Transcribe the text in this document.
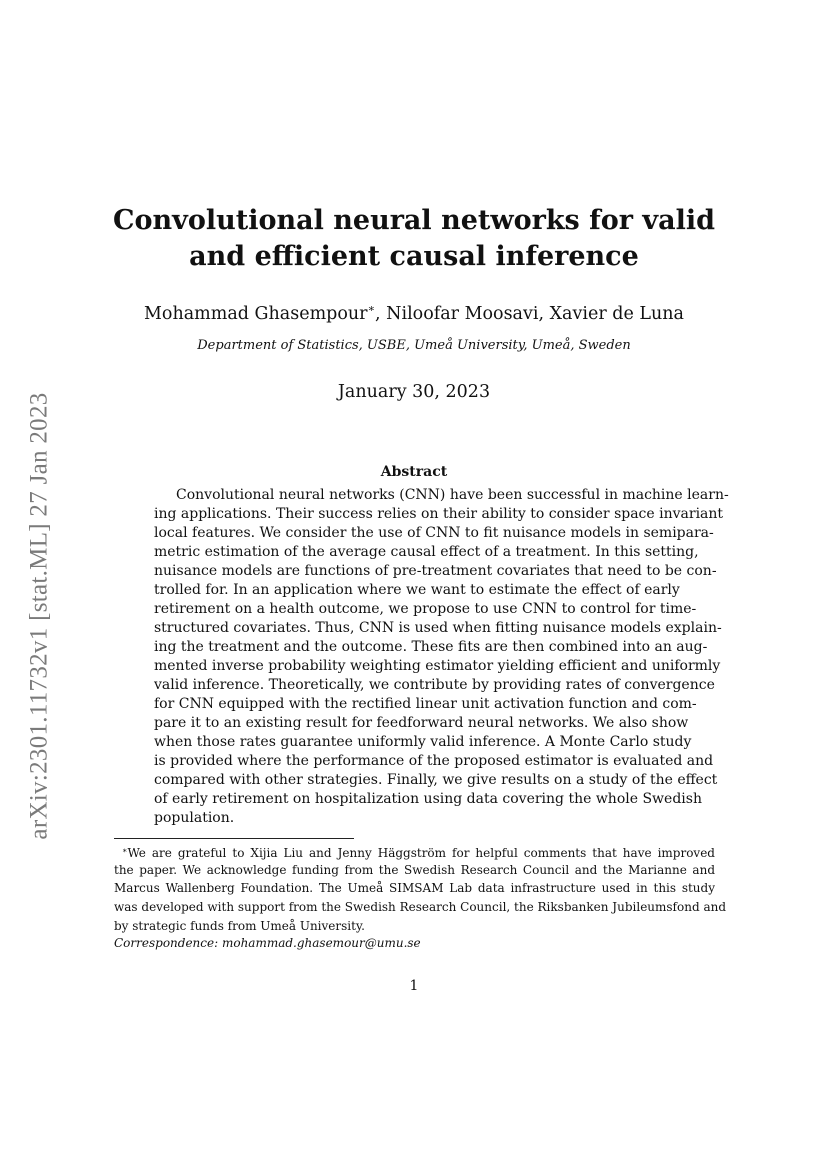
arXiv:2301.11732v1 [stat.ML] 27 Jan 2023
Convolutional neural networks for valid
and efficient causal inference
Mohammad Ghasempour∗, Niloofar Moosavi, Xavier de Luna
Department of Statistics, USBE, Umeå University, Umeå, Sweden
January 30, 2023
Abstract
Convolutional neural networks (CNN) have been successful in machine learn-
ing applications. Their success relies on their ability to consider space invariant
local features. We consider the use of CNN to fit nuisance models in semipara-
metric estimation of the average causal effect of a treatment. In this setting,
nuisance models are functions of pre-treatment covariates that need to be con-
trolled for. In an application where we want to estimate the effect of early
retirement on a health outcome, we propose to use CNN to control for time-
structured covariates. Thus, CNN is used when fitting nuisance models explain-
ing the treatment and the outcome. These fits are then combined into an aug-
mented inverse probability weighting estimator yielding efficient and uniformly
valid inference. Theoretically, we contribute by providing rates of convergence
for CNN equipped with the rectified linear unit activation function and com-
pare it to an existing result for feedforward neural networks. We also show
when those rates guarantee uniformly valid inference. A Monte Carlo study
is provided where the performance of the proposed estimator is evaluated and
compared with other strategies. Finally, we give results on a study of the effect
of early retirement on hospitalization using data covering the whole Swedish
population.
∗We are grateful to Xijia Liu and Jenny Häggström for helpful comments that have improved
the paper. We acknowledge funding from the Swedish Research Council and the Marianne and
Marcus Wallenberg Foundation. The Umeå SIMSAM Lab data infrastructure used in this study
was developed with support from the Swedish Research Council, the Riksbanken Jubileumsfond and
by strategic funds from Umeå University.
Correspondence: mohammad.ghasemour@umu.se
1
